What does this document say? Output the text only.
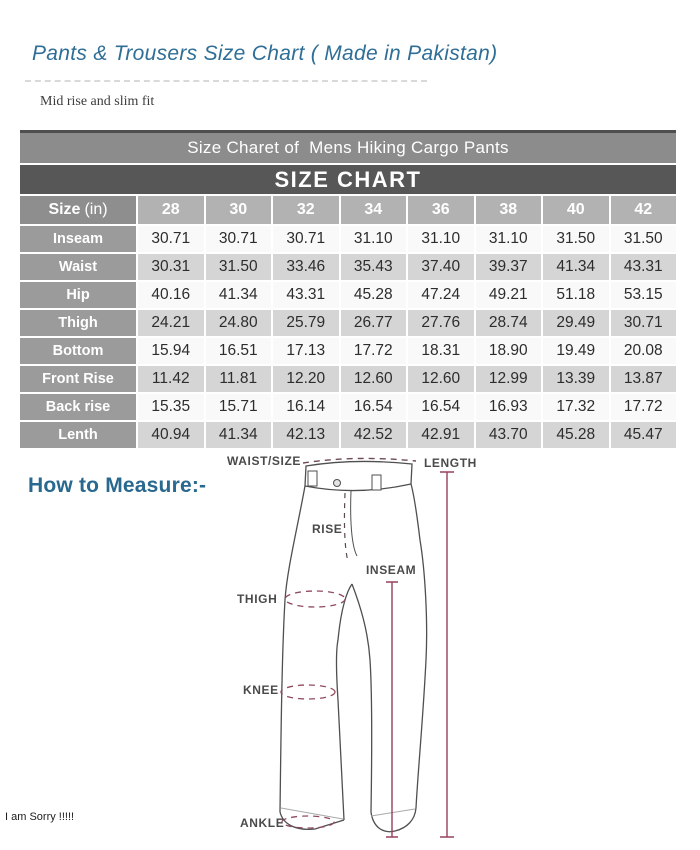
Pants & Trousers Size Chart ( Made in Pakistan)
Mid rise and slim fit
Size Charet of  Mens Hiking Cargo Pants
SIZE CHART
Size (in)	28	30	32	34	36	38	40	42
Inseam	30.71	30.71	30.71	31.10	31.10	31.10	31.50	31.50
Waist	30.31	31.50	33.46	35.43	37.40	39.37	41.34	43.31
Hip	40.16	41.34	43.31	45.28	47.24	49.21	51.18	53.15
Thigh	24.21	24.80	25.79	26.77	27.76	28.74	29.49	30.71
Bottom	15.94	16.51	17.13	17.72	18.31	18.90	19.49	20.08
Front Rise	11.42	11.81	12.20	12.60	12.60	12.99	13.39	13.87
Back rise	15.35	15.71	16.14	16.54	16.54	16.93	17.32	17.72
Lenth	40.94	41.34	42.13	42.52	42.91	43.70	45.28	45.47
How to Measure:-
WAIST/SIZE	LENGTH
RISE
INSEAM
THIGH
KNEE
ANKLE
I am Sorry !!!!!
